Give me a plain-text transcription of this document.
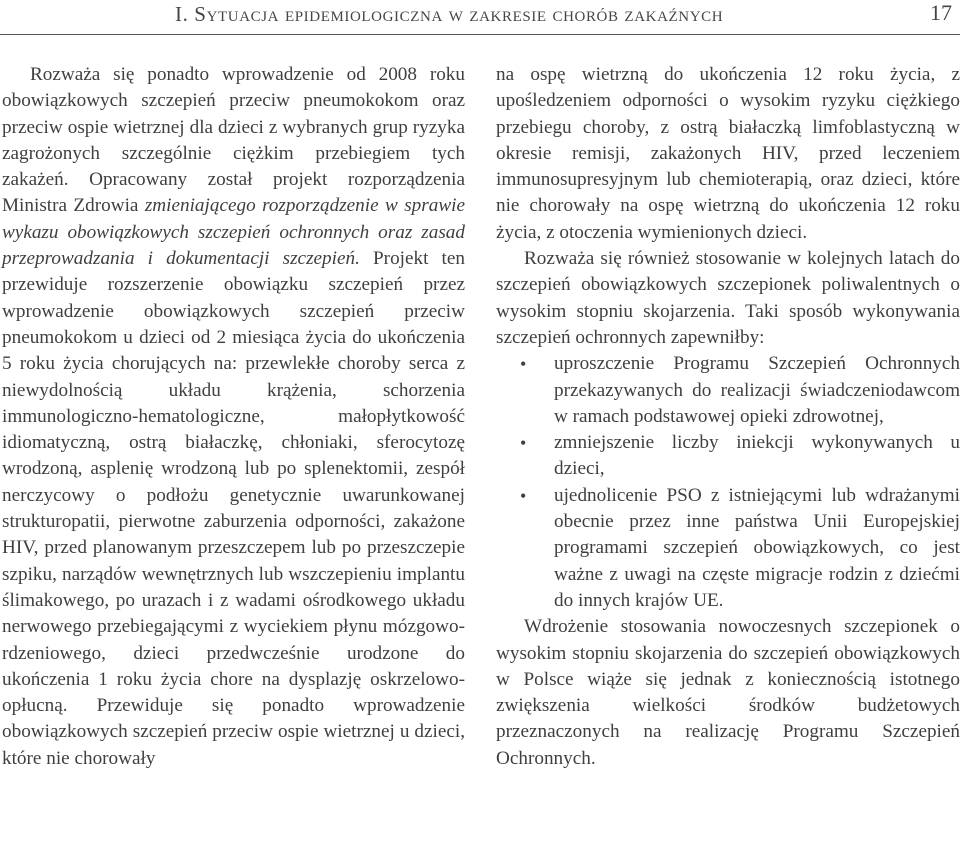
I. Sytuacja epidemiologiczna w zakresie chorób zakaźnych	17

Rozważa się ponadto wprowadzenie od 2008 roku obowiązkowych szczepień przeciw pneumokokom oraz przeciw ospie wietrznej dla dzieci z wybranych grup ryzyka zagrożonych szczególnie ciężkim przebiegiem tych zakażeń. Opracowany został projekt rozporządzenia Ministra Zdrowia zmieniającego rozporządzenie w sprawie wykazu obowiązkowych szczepień ochronnych oraz zasad przeprowadzania i dokumentacji szczepień. Projekt ten przewiduje rozszerzenie obowiązku szczepień przez wprowadzenie obowiązkowych szczepień przeciw pneumokokom u dzieci od 2 miesiąca życia do ukończenia 5 roku życia chorujących na: przewlekłe choroby serca z niewydolnością układu krążenia, schorzenia immunologiczno-hematologiczne, małopłytkowość idiomatyczną, ostrą białaczkę, chłoniaki, sferocytozę wrodzoną, asplenię wrodzoną lub po splenektomii, zespół nerczycowy o podłożu genetycznie uwarunkowanej strukturopatii, pierwotne zaburzenia odporności, zakażone HIV, przed planowanym przeszczepem lub po przeszczepie szpiku, narządów wewnętrznych lub wszczepieniu implantu ślimakowego, po urazach i z wadami ośrodkowego układu nerwowego przebiegającymi z wyciekiem płynu mózgowordzeniowego, dzieci przedwcześnie urodzone do ukończenia 1 roku życia chore na dysplazję oskrzelowo-opłucną. Przewiduje się ponadto wprowadzenie obowiązkowych szczepień przeciw ospie wietrznej u dzieci, które nie chorowały

na ospę wietrzną do ukończenia 12 roku życia, z upośledzeniem odporności o wysokim ryzyku ciężkiego przebiegu choroby, z ostrą białaczką limfoblastyczną w okresie remisji, zakażonych HIV, przed leczeniem immunosupresyjnym lub chemioterapią, oraz dzieci, które nie chorowały na ospę wietrzną do ukończenia 12 roku życia, z otoczenia wymienionych dzieci.

Rozważa się również stosowanie w kolejnych latach do szczepień obowiązkowych szczepionek poliwalentnych o wysokim stopniu skojarzenia. Taki sposób wykonywania szczepień ochronnych zapewniłby:

• uproszczenie Programu Szczepień Ochronnych przekazywanych do realizacji świadczeniodawcom w ramach podstawowej opieki zdrowotnej,
• zmniejszenie liczby iniekcji wykonywanych u dzieci,
• ujednolicenie PSO z istniejącymi lub wdrażanymi obecnie przez inne państwa Unii Europejskiej programami szczepień obowiązkowych, co jest ważne z uwagi na częste migracje rodzin z dziećmi do innych krajów UE.

Wdrożenie stosowania nowoczesnych szczepionek o wysokim stopniu skojarzenia do szczepień obowiązkowych w Polsce wiąże się jednak z koniecznością istotnego zwiększenia wielkości środków budżetowych przeznaczonych na realizację Programu Szczepień Ochronnych.
